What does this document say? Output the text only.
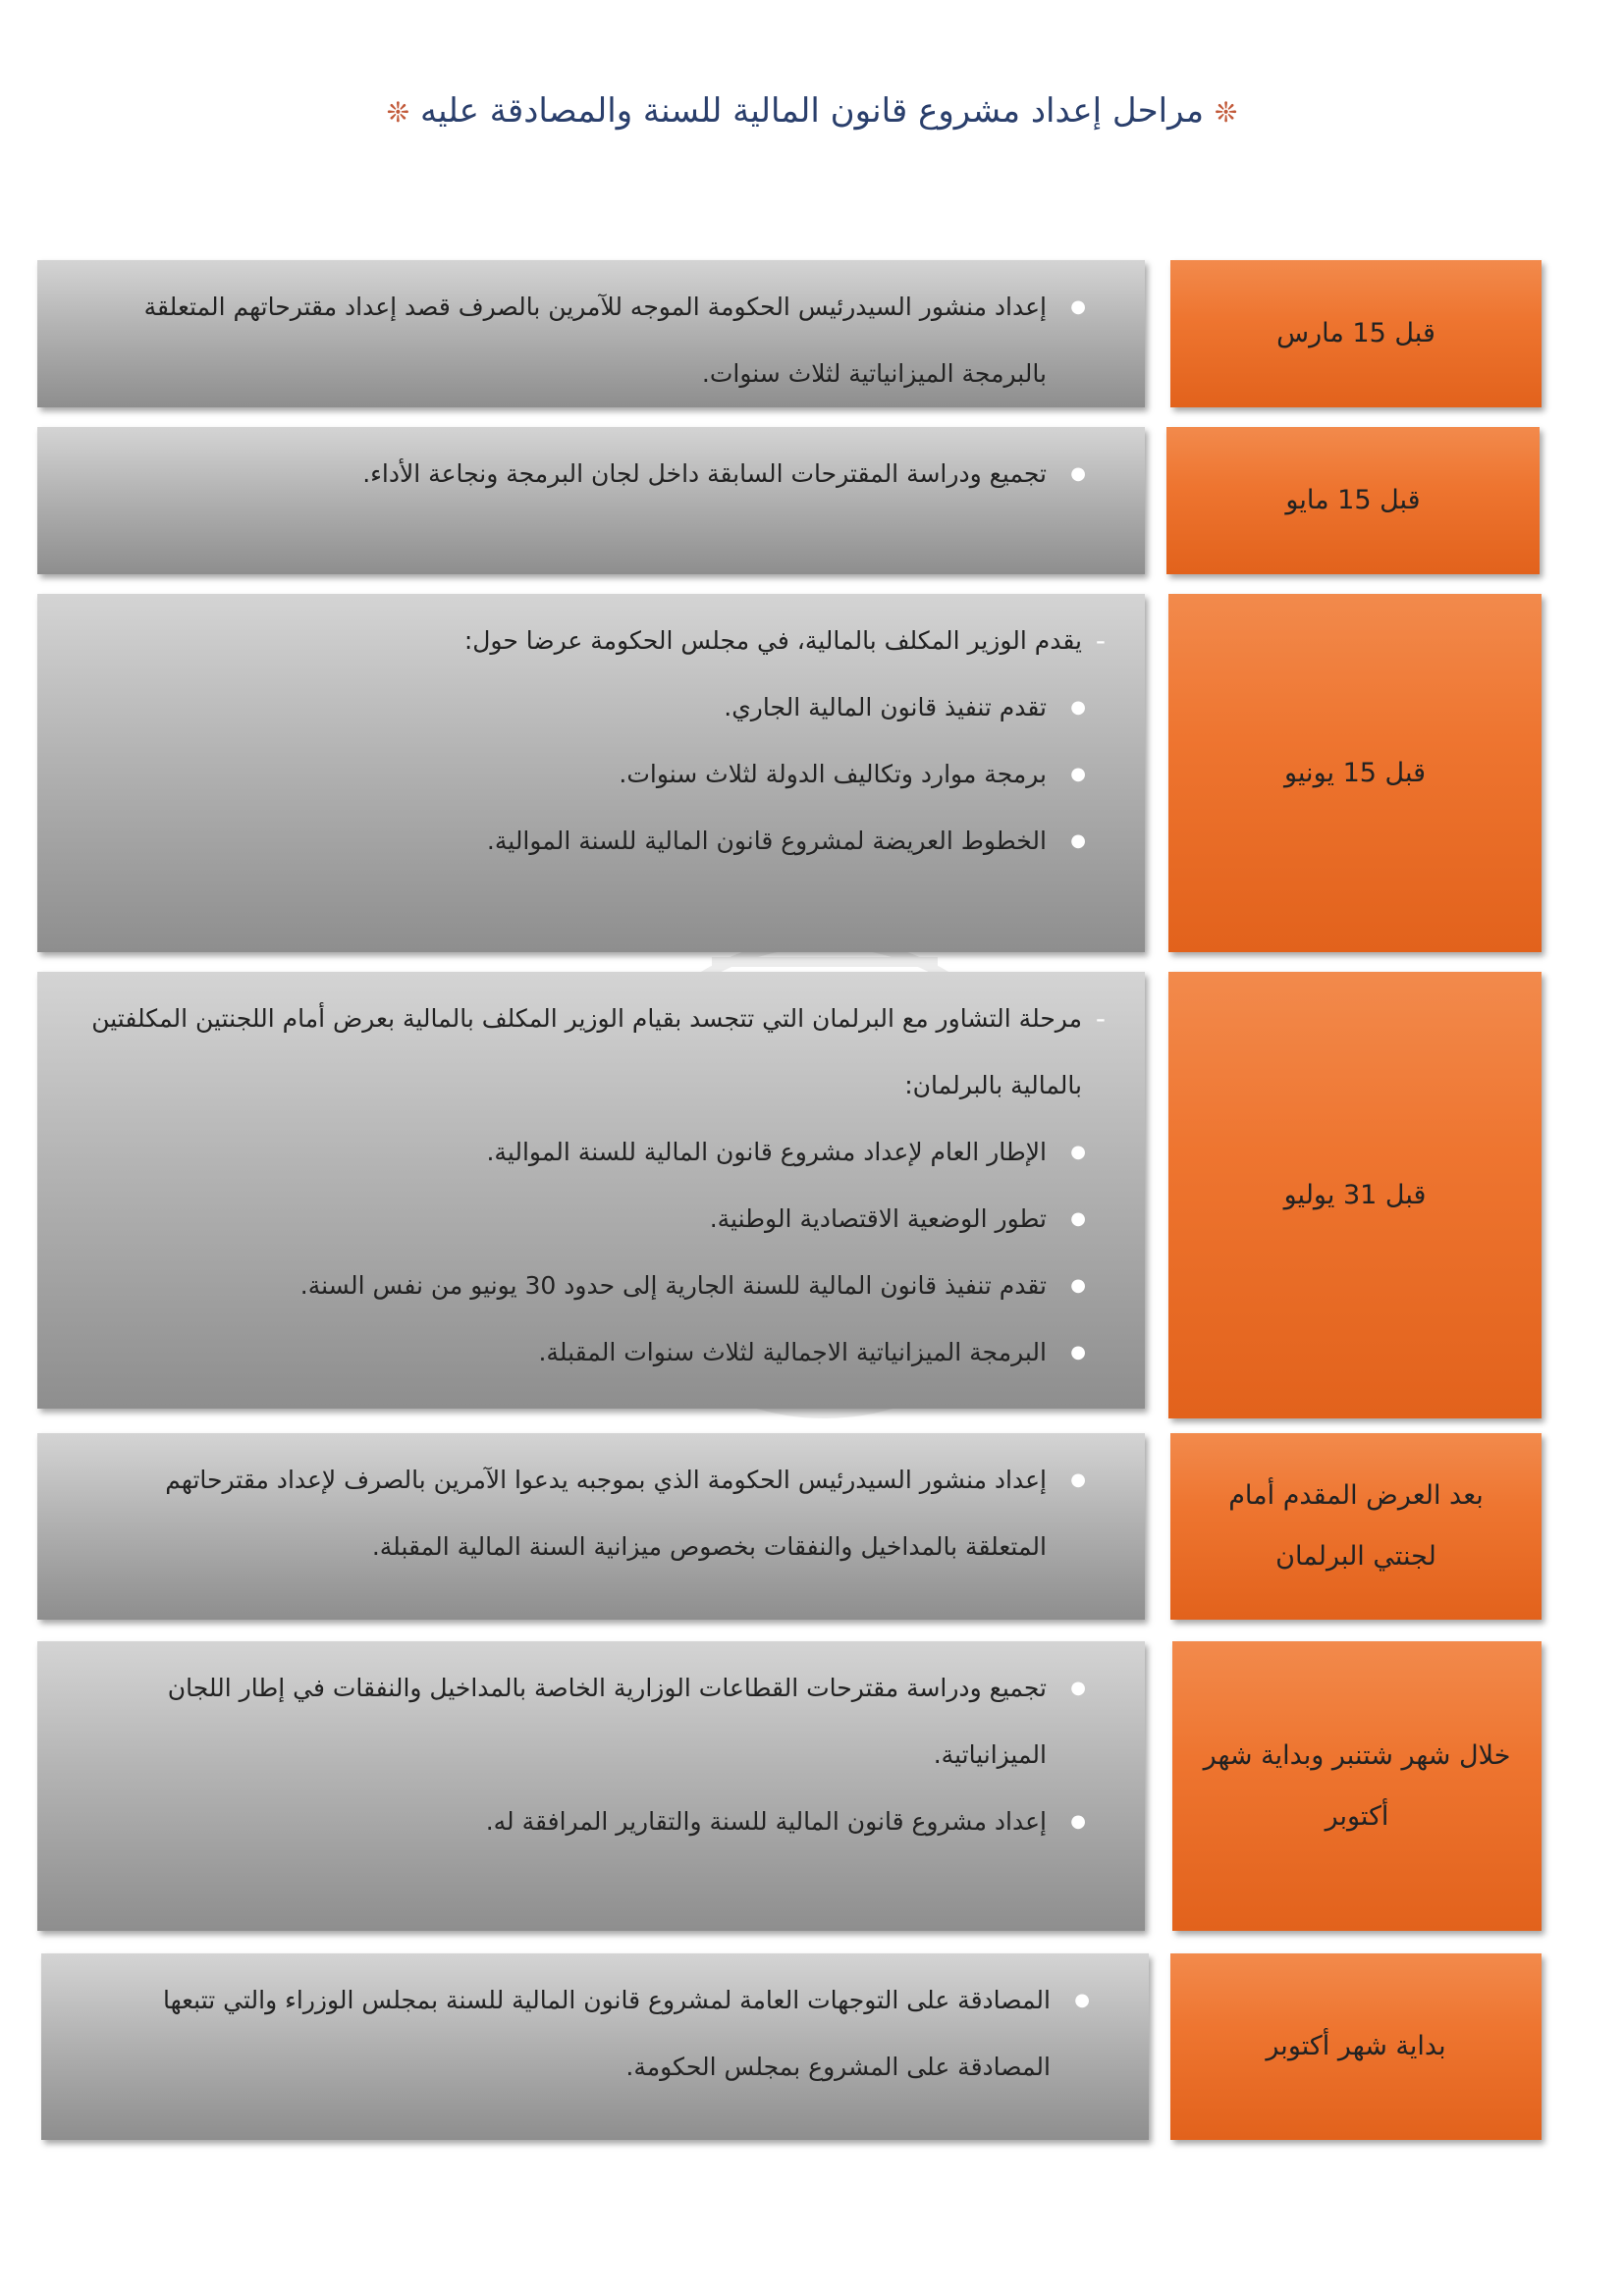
❊ مراحل إعداد مشروع قانون المالية للسنة والمصادقة عليه ❊
● إعداد منشور السيدرئيس الحكومة الموجه للآمرين بالصرف قصد إعداد مقترحاتهم المتعلقة بالبرمجة الميزانياتية لثلاث سنوات.
قبل 15 مارس
● تجميع ودراسة المقترحات السابقة داخل لجان البرمجة ونجاعة الأداء.
قبل 15 مايو
- يقدم الوزير المكلف بالمالية، في مجلس الحكومة عرضا حول:
● تقدم تنفيذ قانون المالية الجاري.
● برمجة موارد وتكاليف الدولة لثلاث سنوات.
● الخطوط العريضة لمشروع قانون المالية للسنة الموالية.
قبل 15 يونيو
- مرحلة التشاور مع البرلمان التي تتجسد بقيام الوزير المكلف بالمالية بعرض أمام اللجنتين المكلفتين بالمالية بالبرلمان:
● الإطار العام لإعداد مشروع قانون المالية للسنة الموالية.
● تطور الوضعية الاقتصادية الوطنية.
● تقدم تنفيذ قانون المالية للسنة الجارية إلى حدود 30 يونيو من نفس السنة.
● البرمجة الميزانياتية الاجمالية لثلاث سنوات المقبلة.
قبل 31 يوليو
● إعداد منشور السيدرئيس الحكومة الذي بموجبه يدعوا الآمرين بالصرف لإعداد مقترحاتهم المتعلقة بالمداخيل والنفقات بخصوص ميزانية السنة المالية المقبلة.
بعد العرض المقدم أمام لجنتي البرلمان
● تجميع ودراسة مقترحات القطاعات الوزارية الخاصة بالمداخيل والنفقات في إطار اللجان الميزانياتية.
● إعداد مشروع قانون المالية للسنة والتقارير المرافقة له.
خلال شهر شتنبر وبداية شهر أكتوبر
● المصادقة على التوجهات العامة لمشروع قانون المالية للسنة بمجلس الوزراء والتي تتبعها المصادقة على المشروع بمجلس الحكومة.
بداية شهر أكتوبر
